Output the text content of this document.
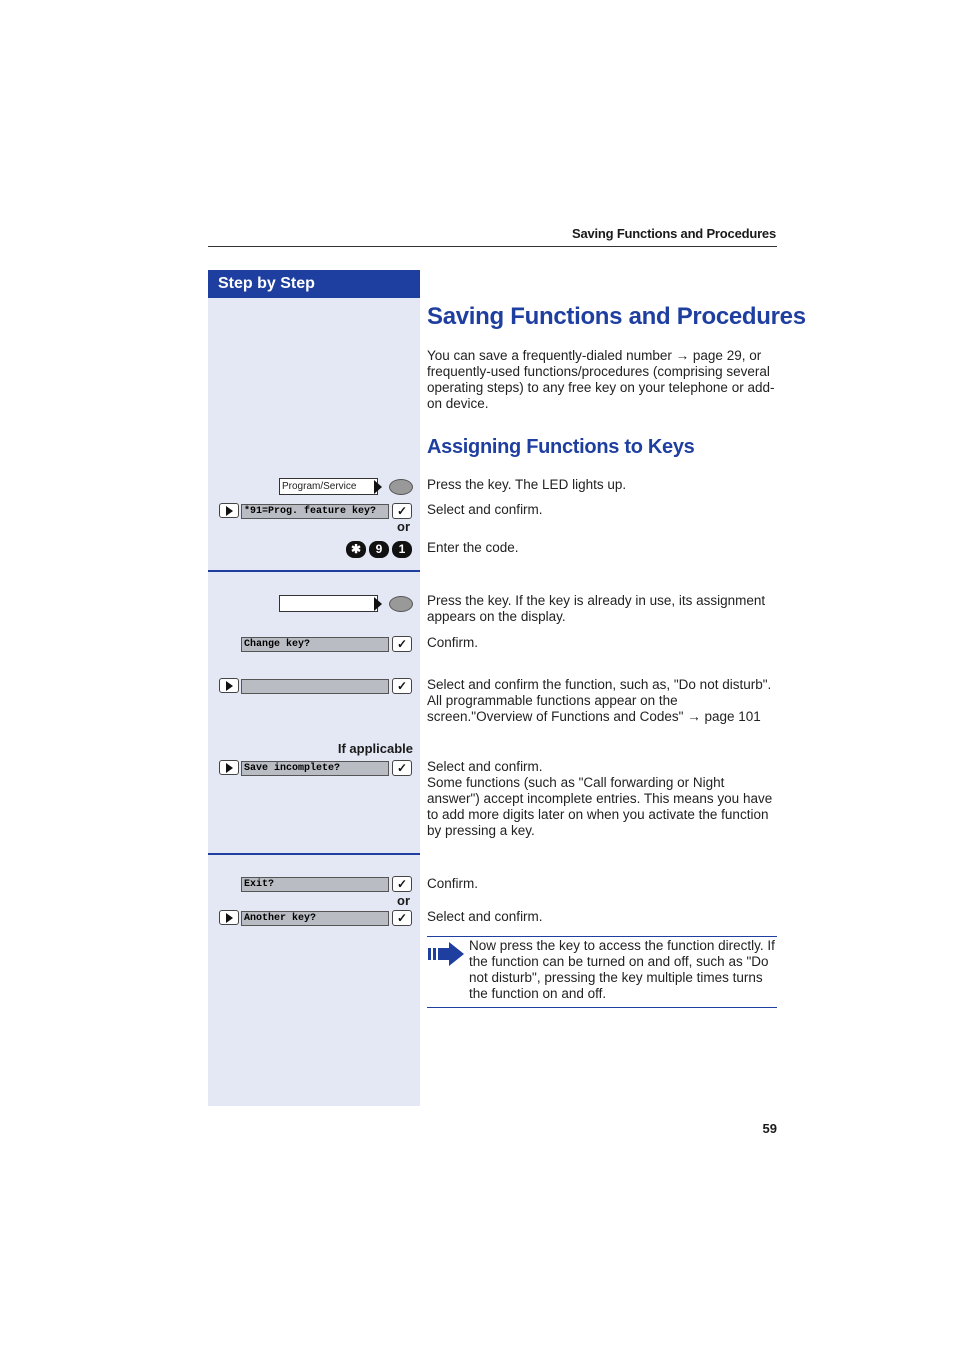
Saving Functions and Procedures
Step by Step
Saving Functions and Procedures
You can save a frequently-dialed number → page 29, or frequently-used functions/procedures (comprising several operating steps) to any free key on your telephone or add-on device.
Assigning Functions to Keys
Program/Service	Press the key. The LED lights up.
*91=Prog. feature key?	✓	Select and confirm.
or
✱	9	1	Enter the code.
Press the key. If the key is already in use, its assignment appears on the display.
Change key?	✓	Confirm.
✓	Select and confirm the function, such as, "Do not disturb".

All programmable functions appear on the screen."Overview of Functions and Codes" → page 101

If applicable
Save incomplete?	✓	Select and confirm.

Some functions (such as "Call forwarding or Night answer") accept incomplete entries. This means you have to add more digits later on when you activate the function by pressing a key.

Exit?	✓	Confirm.
or
Another key?	✓	Select and confirm.
Now press the key to access the function directly. If the function can be turned on and off, such as "Do not disturb", pressing the key multiple times turns the function on and off.
59
